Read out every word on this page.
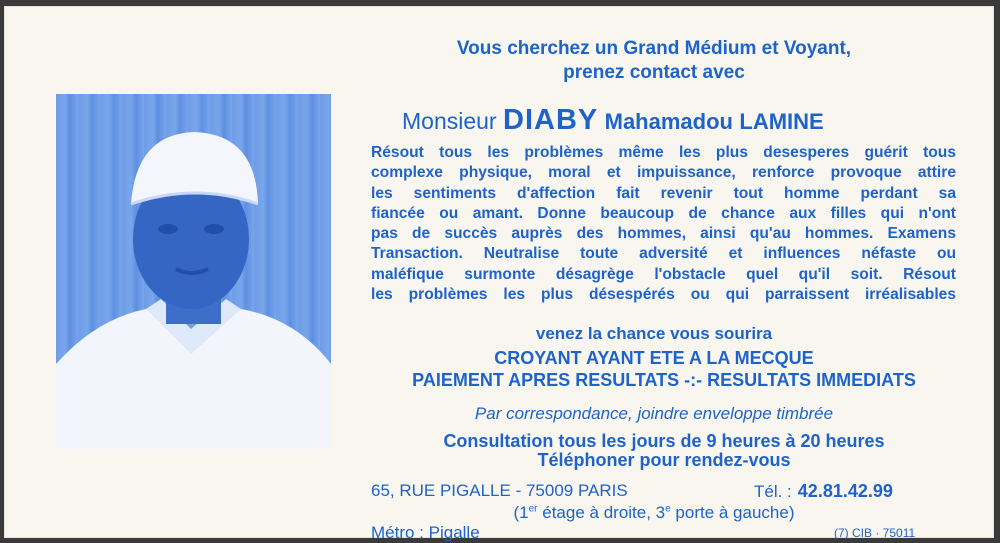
Vous cherchez un Grand Médium et Voyant,
prenez contact avec
Monsieur DIABY Mahamadou LAMINE
Résout tous les problèmes même les plus desesperes guérit tous
complexe physique, moral et impuissance, renforce provoque attire
les sentiments d'affection fait revenir tout homme perdant sa
fiancée ou amant. Donne beaucoup de chance aux filles qui n'ont
pas de succès auprès des hommes, ainsi qu'au hommes. Examens
Transaction. Neutralise toute adversité et influences néfaste ou
maléfique surmonte désagrège l'obstacle quel qu'il soit. Résout
les problèmes les plus désespérés ou qui parraissent irréalisables
venez la chance vous sourira
CROYANT AYANT ETE A LA MECQUE
PAIEMENT APRES RESULTATS -:- RESULTATS IMMEDIATS
Par correspondance, joindre enveloppe timbrée
Consultation tous les jours de 9 heures à 20 heures
Téléphoner pour rendez-vous
65, RUE PIGALLE - 75009 PARIS	Tél. : 42.81.42.99
(1er étage à droite, 3e porte à gauche)
Métro : Pigalle	(7) CIB · 75011
